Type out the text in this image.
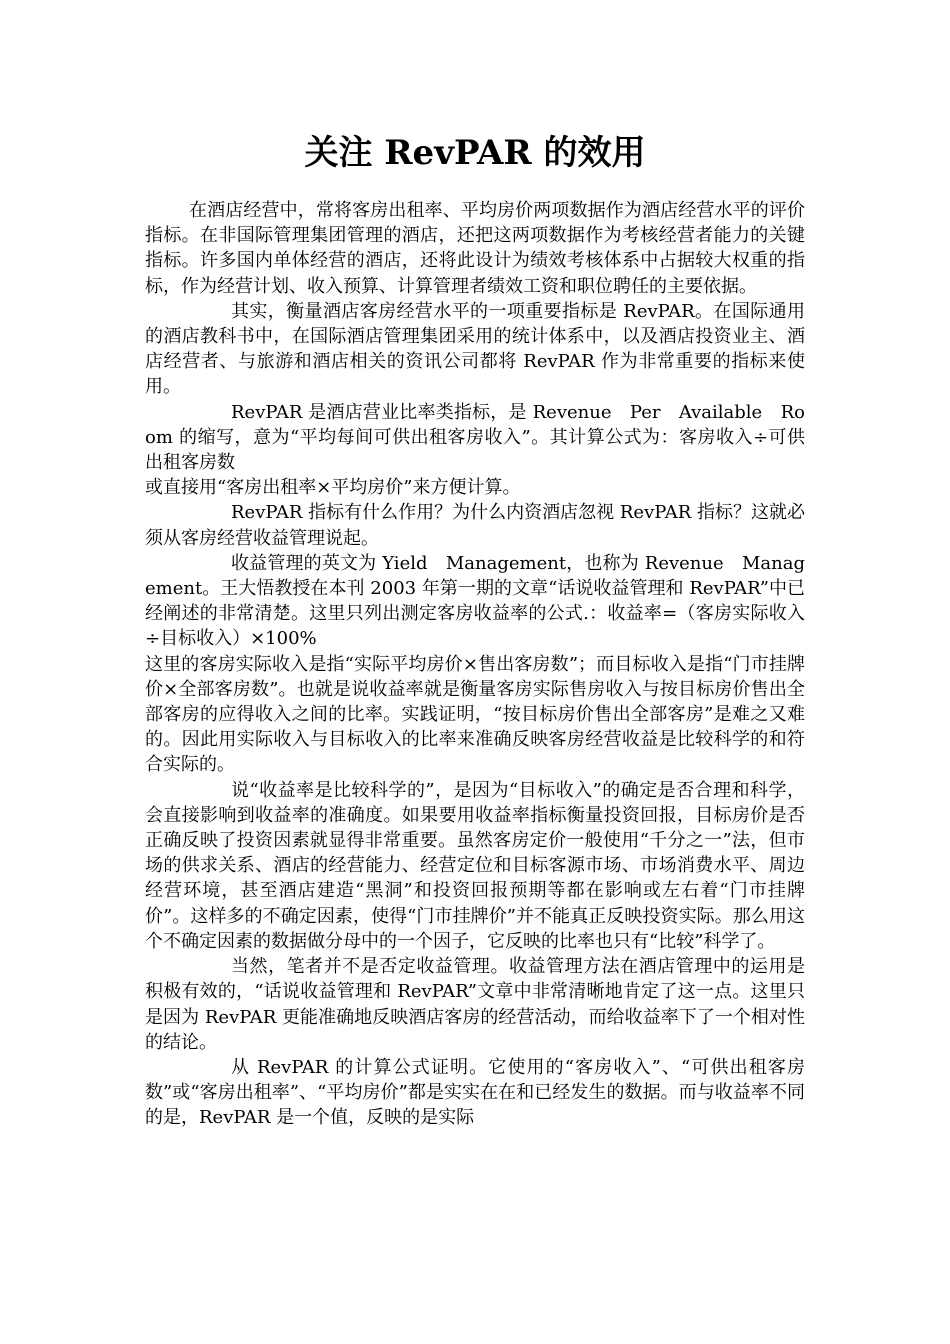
关注 RevPAR 的效用

在酒店经营中，常将客房出租率、平均房价两项数据作为酒店经营水平的评价指标。在非国际管理集团管理的酒店，还把这两项数据作为考核经营者能力的关键指标。许多国内单体经营的酒店，还将此设计为绩效考核体系中占据较大权重的指标，作为经营计划、收入预算、计算管理者绩效工资和职位聘任的主要依据。

其实，衡量酒店客房经营水平的一项重要指标是 RevPAR。在国际通用的酒店教科书中，在国际酒店管理集团采用的统计体系中，以及酒店投资业主、酒店经营者、与旅游和酒店相关的资讯公司都将 RevPAR 作为非常重要的指标来使用。

RevPAR 是酒店营业比率类指标，是 Revenue　Per　Available　Room 的缩写，意为“平均每间可供出租客房收入”。其计算公式为：客房收入÷可供出租客房数

或直接用“客房出租率×平均房价”来方便计算。

RevPAR 指标有什么作用？为什么内资酒店忽视 RevPAR 指标？这就必须从客房经营收益管理说起。

收益管理的英文为 Yield　Management，也称为 Revenue　Management。王大悟教授在本刊 2003 年第一期的文章“话说收益管理和 RevPAR”中已经阐述的非常清楚。这里只列出测定客房收益率的公式.：收益率=（客房实际收入÷目标收入）×100%

这里的客房实际收入是指“实际平均房价×售出客房数”；而目标收入是指“门市挂牌价×全部客房数”。也就是说收益率就是衡量客房实际售房收入与按目标房价售出全部客房的应得收入之间的比率。实践证明，“按目标房价售出全部客房”是难之又难的。因此用实际收入与目标收入的比率来准确反映客房经营收益是比较科学的和符合实际的。

说“收益率是比较科学的”，是因为“目标收入”的确定是否合理和科学，会直接影响到收益率的准确度。如果要用收益率指标衡量投资回报，目标房价是否正确反映了投资因素就显得非常重要。虽然客房定价一般使用“千分之一”法，但市场的供求关系、酒店的经营能力、经营定位和目标客源市场、市场消费水平、周边经营环境，甚至酒店建造“黑洞”和投资回报预期等都在影响或左右着“门市挂牌价”。这样多的不确定因素，使得“门市挂牌价”并不能真正反映投资实际。那么用这个不确定因素的数据做分母中的一个因子，它反映的比率也只有“比较”科学了。

当然，笔者并不是否定收益管理。收益管理方法在酒店管理中的运用是积极有效的，“话说收益管理和 RevPAR”文章中非常清晰地肯定了这一点。这里只是因为 RevPAR 更能准确地反映酒店客房的经营活动，而给收益率下了一个相对性的结论。

从 RevPAR 的计算公式证明。它使用的“客房收入”、“可供出租客房数”或“客房出租率”、“平均房价”都是实实在在和已经发生的数据。而与收益率不同的是，RevPAR 是一个值，反映的是实际
